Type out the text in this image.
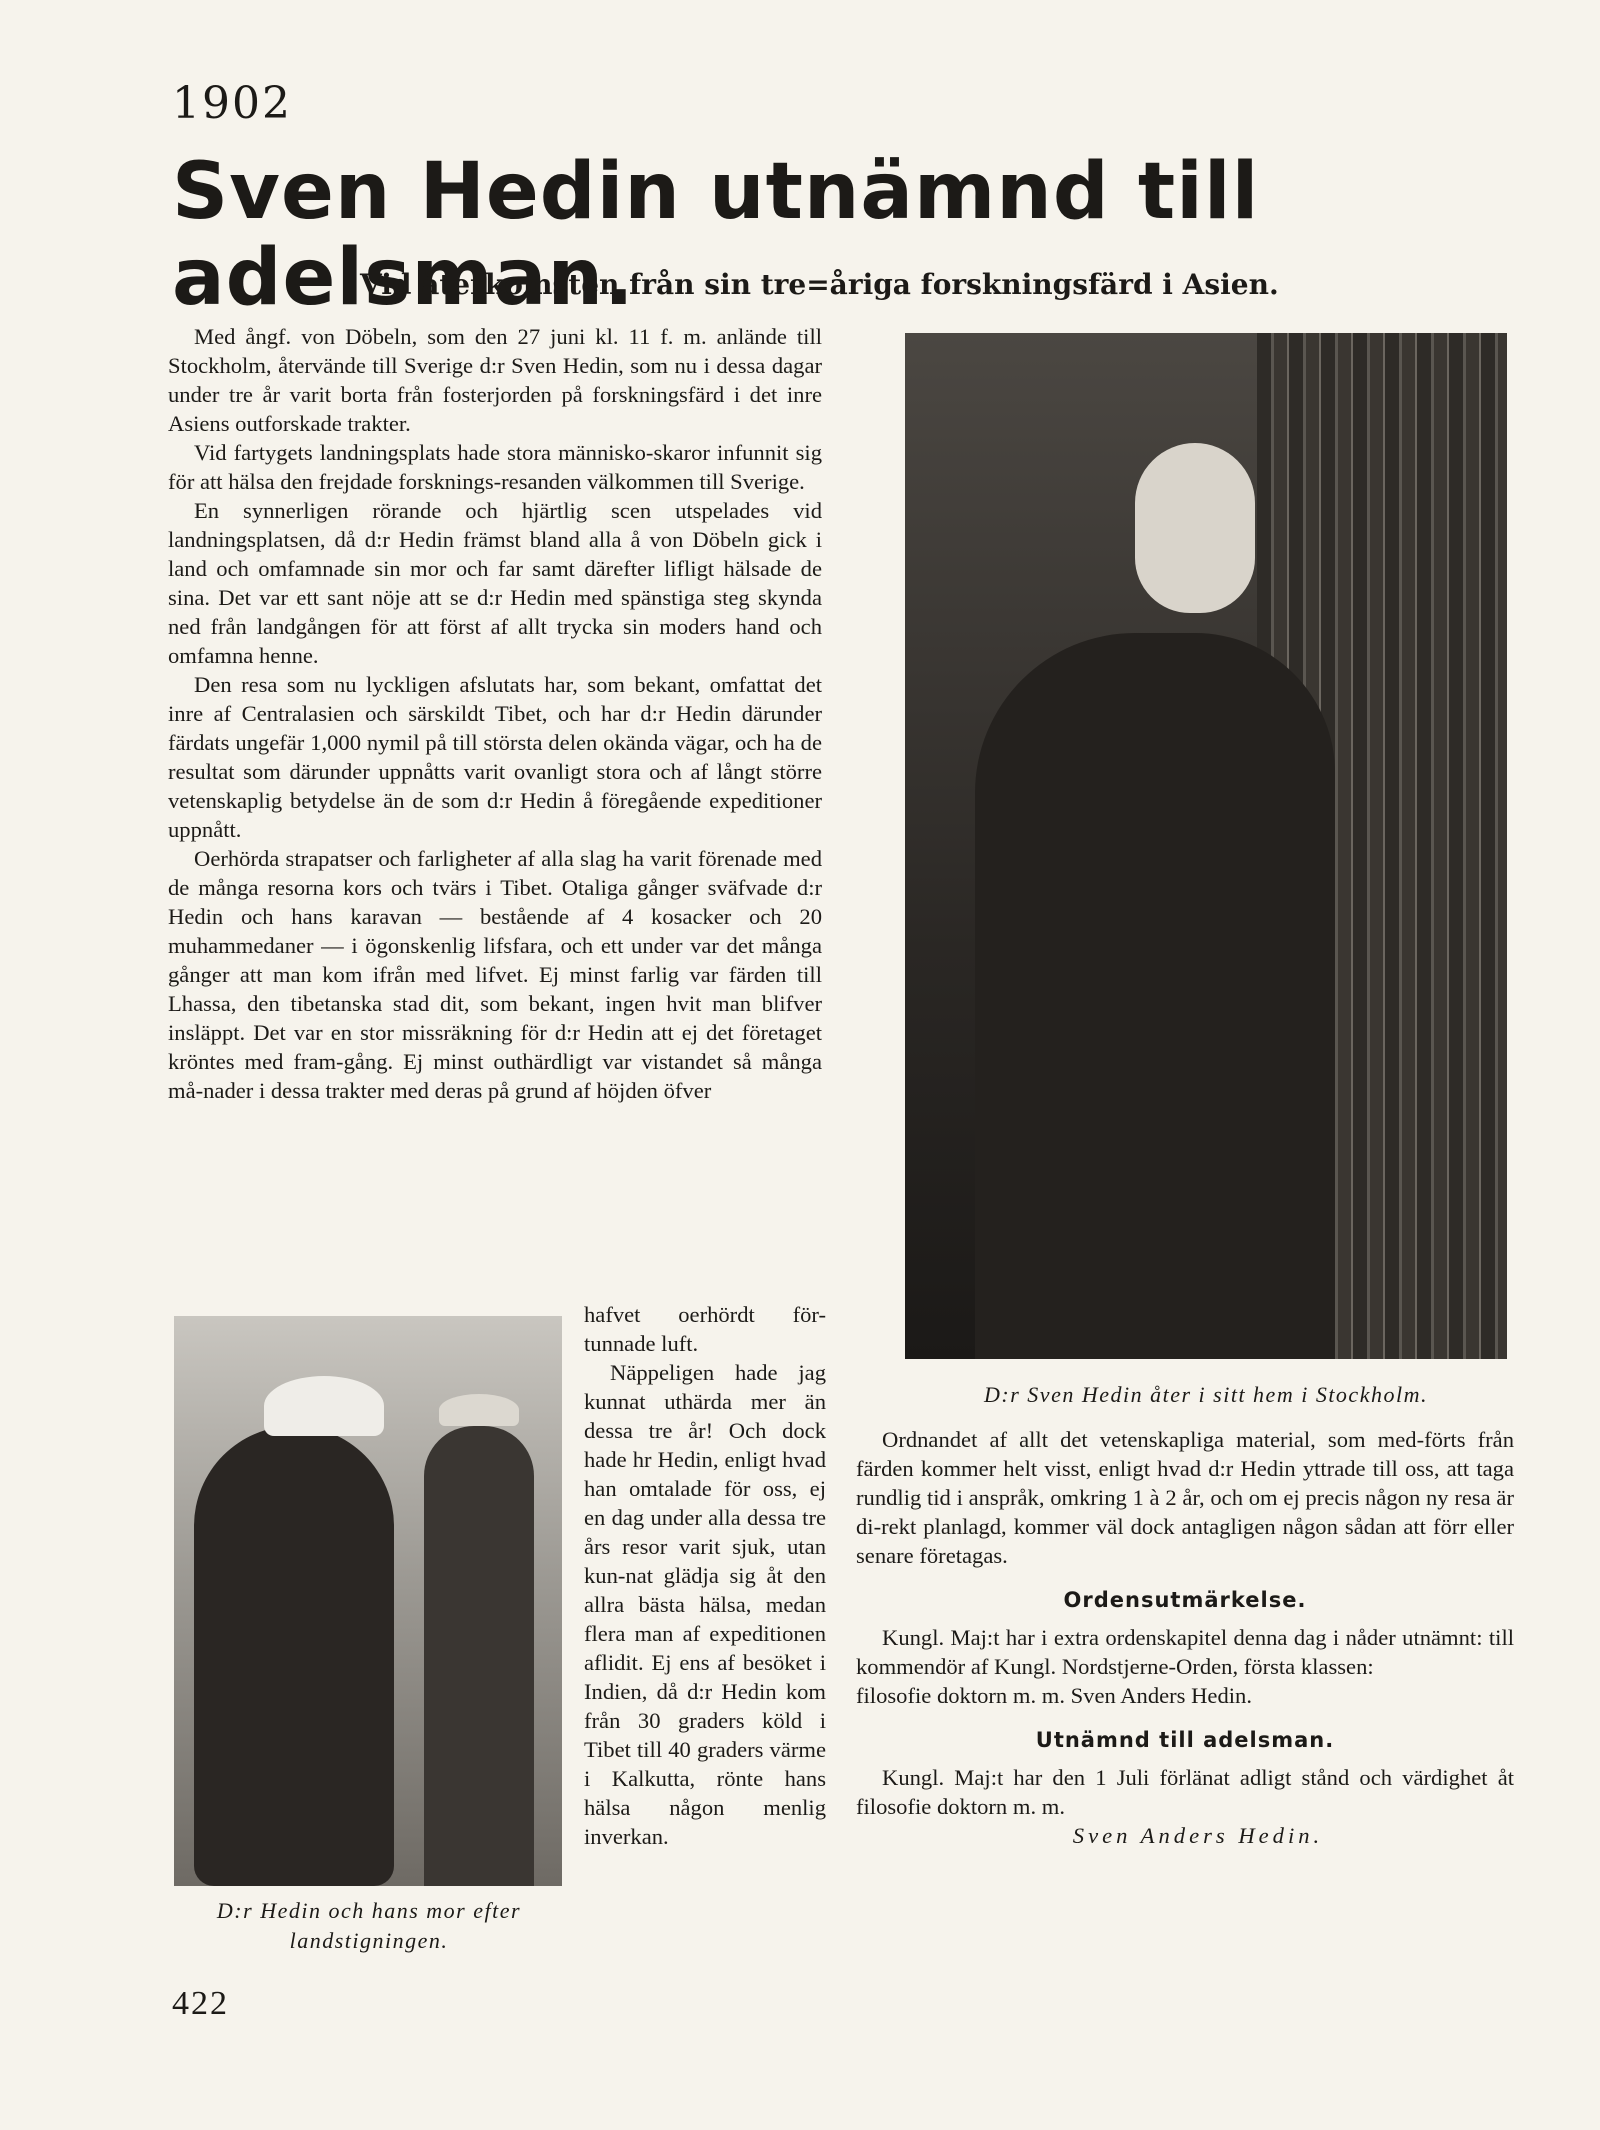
1902
Sven Hedin utnämnd till adelsman.
Vid återkomsten från sin tre=åriga forskningsfärd i Asien.

Med ångf. von Döbeln, som den 27 juni kl. 11 f. m. anlände till Stockholm, återvände till Sverige d:r Sven Hedin, som nu i dessa dagar under tre år varit borta från fosterjorden på forskningsfärd i det inre Asiens outforskade trakter.

Vid fartygets landningsplats hade stora människo-skaror infunnit sig för att hälsa den frejdade forsknings-resanden välkommen till Sverige.

En synnerligen rörande och hjärtlig scen utspelades vid landningsplatsen, då d:r Hedin främst bland alla å von Döbeln gick i land och omfamnade sin mor och far samt därefter lifligt hälsade de sina. Det var ett sant nöje att se d:r Hedin med spänstiga steg skynda ned från landgången för att först af allt trycka sin moders hand och omfamna henne.

Den resa som nu lyckligen afslutats har, som bekant, omfattat det inre af Centralasien och särskildt Tibet, och har d:r Hedin därunder färdats ungefär 1,000 nymil på till största delen okända vägar, och ha de resultat som därunder uppnåtts varit ovanligt stora och af långt större vetenskaplig betydelse än de som d:r Hedin å föregående expeditioner uppnått.

Oerhörda strapatser och farligheter af alla slag ha varit förenade med de många resorna kors och tvärs i Tibet. Otaliga gånger sväfvade d:r Hedin och hans karavan — bestående af 4 kosacker och 20 muhammedaner — i ögonskenlig lifsfara, och ett under var det många gånger att man kom ifrån med lifvet. Ej minst farlig var färden till Lhassa, den tibetanska stad dit, som bekant, ingen hvit man blifver insläppt. Det var en stor missräkning för d:r Hedin att ej det företaget kröntes med fram-gång. Ej minst outhärdligt var vistandet så många må-nader i dessa trakter med deras på grund af höjden öfver

D:r Sven Hedin åter i sitt hem i Stockholm.
D:r Hedin och hans mor efter landstigningen.

hafvet oerhördt för-tunnade luft.

Näppeligen hade jag kunnat uthärda mer än dessa tre år! Och dock hade hr Hedin, enligt hvad han omtalade för oss, ej en dag under alla dessa tre års resor varit sjuk, utan kun-nat glädja sig åt den allra bästa hälsa, medan flera man af expeditionen aflidit. Ej ens af besöket i Indien, då d:r Hedin kom från 30 graders köld i Tibet till 40 graders värme i Kalkutta, rönte hans hälsa någon menlig inverkan.

Ordnandet af allt det vetenskapliga material, som med-förts från färden kommer helt visst, enligt hvad d:r Hedin yttrade till oss, att taga rundlig tid i anspråk, omkring 1 à 2 år, och om ej precis någon ny resa är di-rekt planlagd, kommer väl dock antagligen någon sådan att förr eller senare företagas.

Ordensutmärkelse.

Kungl. Maj:t har i extra ordenskapitel denna dag i nåder utnämnt: till kommendör af Kungl. Nordstjerne-Orden, första klassen:

filosofie doktorn m. m. Sven Anders Hedin.

Utnämnd till adelsman.

Kungl. Maj:t har den 1 Juli förlänat adligt stånd och värdighet åt filosofie doktorn m. m.

Sven Anders Hedin.

422
